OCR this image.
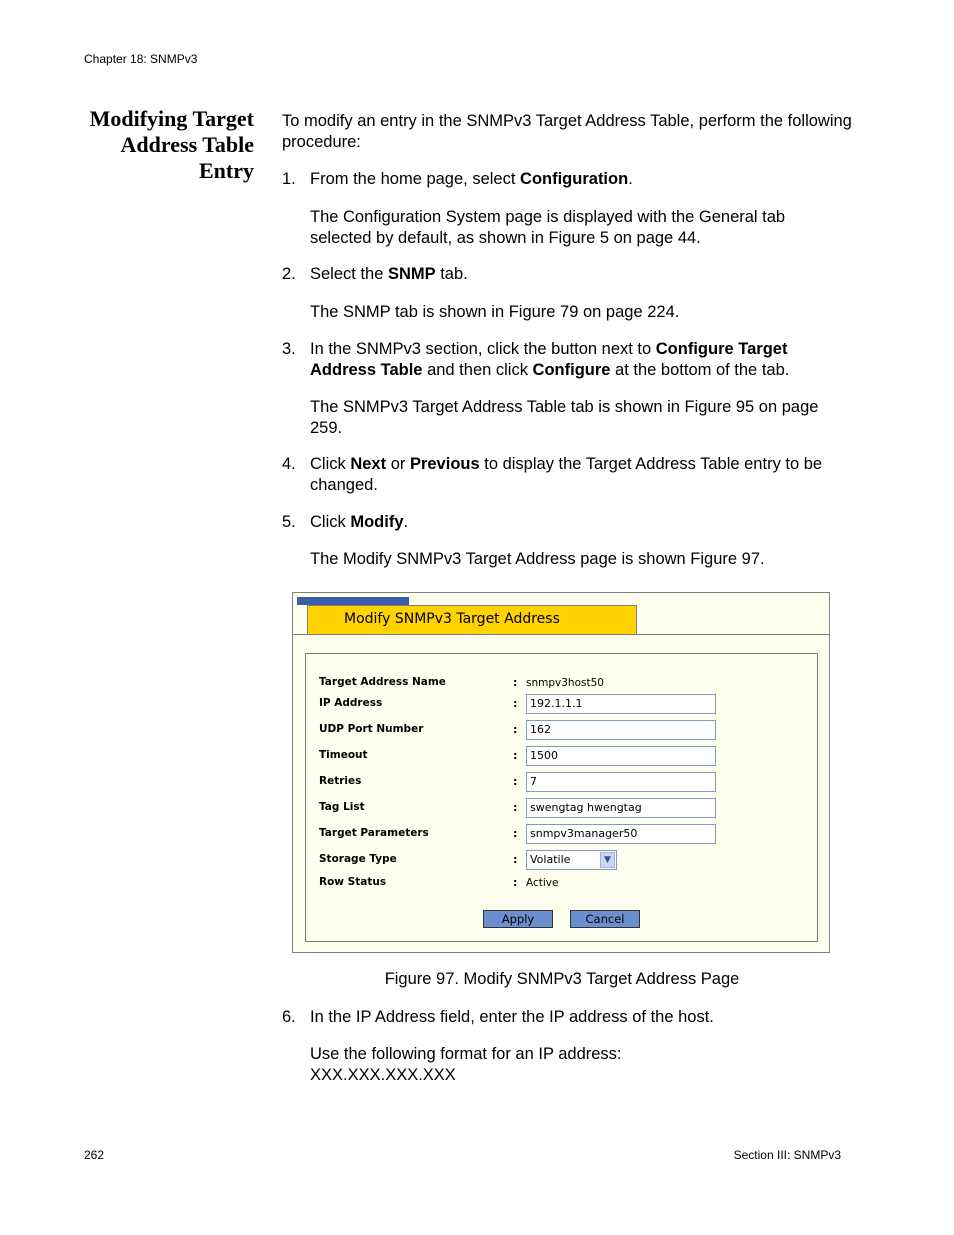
Chapter 18: SNMPv3
Modifying Target
Address Table
Entry
To modify an entry in the SNMPv3 Target Address Table, perform the following procedure:
1. From the home page, select Configuration.
The Configuration System page is displayed with the General tab selected by default, as shown in Figure 5 on page 44.
2. Select the SNMP tab.
The SNMP tab is shown in Figure 79 on page 224.
3. In the SNMPv3 section, click the button next to Configure Target Address Table and then click Configure at the bottom of the tab.
The SNMPv3 Target Address Table tab is shown in Figure 95 on page 259.
4. Click Next or Previous to display the Target Address Table entry to be changed.
5. Click Modify.
The Modify SNMPv3 Target Address page is shown Figure 97.
Modify SNMPv3 Target Address
Target Address Name	: snmpv3host50
IP Address	:	192.1.1.1
UDP Port Number	:	162
Timeout	:	1500
Retries	:	7
Tag List	:	swengtag hwengtag
Target Parameters	:	snmpv3manager50
Storage Type	:	Volatile	▼
Row Status	: Active
Apply	Cancel
Figure 97. Modify SNMPv3 Target Address Page
6. In the IP Address field, enter the IP address of the host.
Use the following format for an IP address:
XXX.XXX.XXX.XXX
262	Section III: SNMPv3
